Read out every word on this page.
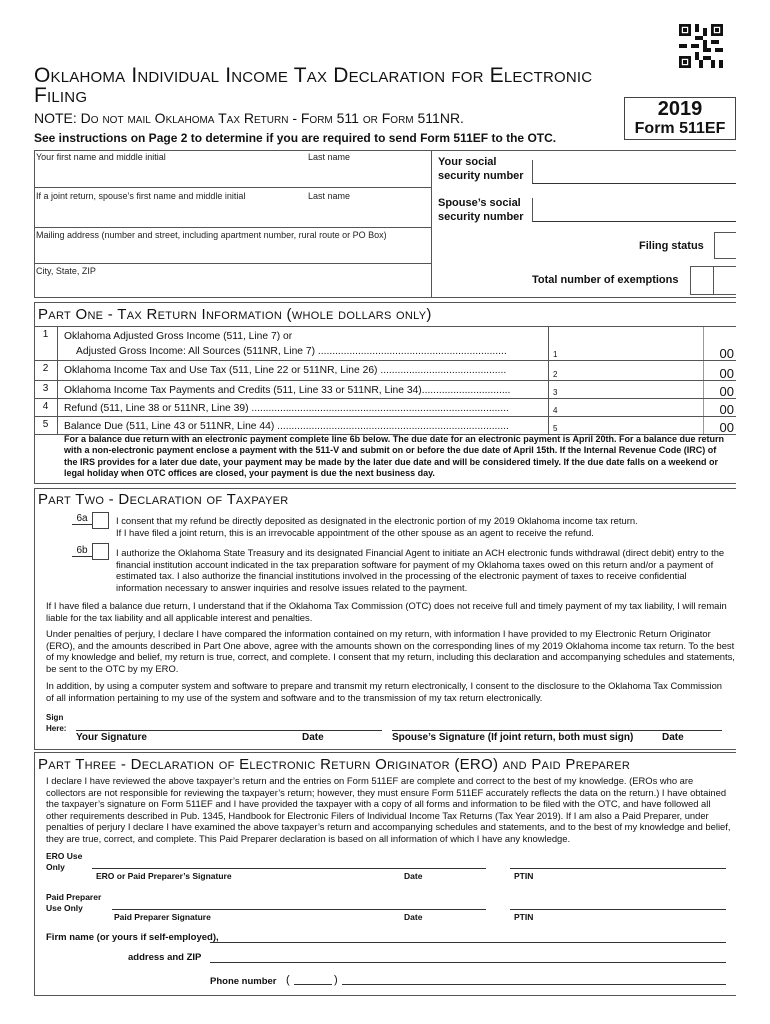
Oklahoma Individual Income Tax Declaration for Electronic Filing
NOTE: Do not mail Oklahoma Tax Return - Form 511 or Form 511NR.
See instructions on Page 2 to determine if you are required to send Form 511EF to the OTC.
2019
Form 511EF
Your first name and middle initial	Last name	Your social
security number
If a joint return, spouse’s first name and middle initial	Last name
Spouse’s social
security number
Mailing address (number and street, including apartment number, rural route or PO Box)
Filing status
City, State, ZIP
Total number of exemptions
Part One - Tax Return Information (whole dollars only)
1	Oklahoma Adjusted Gross Income (511, Line 7) or
Adjusted Gross Income: All Sources (511NR, Line 7) ..................................................................	1	00
2	Oklahoma Income Tax and Use Tax (511, Line 22 or 511NR, Line 26) ............................................	2	00
3	Oklahoma Income Tax Payments and Credits (511, Line 33 or 511NR, Line 34)...............................	3	00
4	Refund (511, Line 38 or 511NR, Line 39) ..........................................................................................	4	00
5	Balance Due (511, Line 43 or 511NR, Line 44) .................................................................................	5	00
For a balance due return with an electronic payment complete line 6b below. The due date for an electronic payment is April 20th. For a balance due return with a non-electronic payment enclose a payment with the 511-V and submit on or before the due date of April 15th. If the Internal Revenue Code (IRC) of the IRS provides for a later due date, your payment may be made by the later due date and will be considered timely. If the due date falls on a weekend or legal holiday when OTC offices are closed, your payment is due the next business day.
Part Two - Declaration of Taxpayer
6a	I consent that my refund be directly deposited as designated in the electronic portion of my 2019 Oklahoma income tax return.
If I have filed a joint return, this is an irrevocable appointment of the other spouse as an agent to receive the refund.
6b	I authorize the Oklahoma State Treasury and its designated Financial Agent to initiate an ACH electronic funds withdrawal (direct debit) entry to the financial institution account indicated in the tax preparation software for payment of my Oklahoma taxes owed on this return and/or a payment of estimated tax. I also authorize the financial institutions involved in the processing of the electronic payment of taxes to receive confidential information necessary to answer inquiries and resolve issues related to the payment.
If I have filed a balance due return, I understand that if the Oklahoma Tax Commission (OTC) does not receive full and timely payment of my tax liability, I will remain liable for the tax liability and all applicable interest and penalties.
Under penalties of perjury, I declare I have compared the information contained on my return, with information I have provided to my Electronic Return Originator (ERO), and the amounts described in Part One above, agree with the amounts shown on the corresponding lines of my 2019 Oklahoma income tax return. To the best of my knowledge and belief, my return is true, correct, and complete. I consent that my return, including this declaration and accompanying schedules and statements, be sent to the OTC by my ERO.
In addition, by using a computer system and software to prepare and transmit my return electronically, I consent to the disclosure to the Oklahoma Tax Commission of all information pertaining to my use of the system and software and to the transmission of my tax return electronically.
Sign Here:
Your Signature	Date	Spouse’s Signature (If joint return, both must sign)	Date
Part Three - Declaration of Electronic Return Originator (ERO) and Paid Preparer
I declare I have reviewed the above taxpayer’s return and the entries on Form 511EF are complete and correct to the best of my knowledge. (EROs who are collectors are not responsible for reviewing the taxpayer’s return; however, they must ensure Form 511EF accurately reflects the data on the return.) I have obtained the taxpayer’s signature on Form 511EF and I have provided the taxpayer with a copy of all forms and information to be filed with the OTC, and have followed all other requirements described in Pub. 1345, Handbook for Electronic Filers of Individual Income Tax Returns (Tax Year 2019). If I am also a Paid Preparer, under penalties of perjury I declare I have examined the above taxpayer’s return and accompanying schedules and statements, and to the best of my knowledge and belief, they are true, correct, and complete. This Paid Preparer declaration is based on all information of which I have any knowledge.
ERO Use
Only
ERO or Paid Preparer’s Signature	Date	PTIN
Paid Preparer
Use Only
Paid Preparer Signature	Date	PTIN
Firm name (or yours if self-employed),
address and ZIP
Phone number (	)
